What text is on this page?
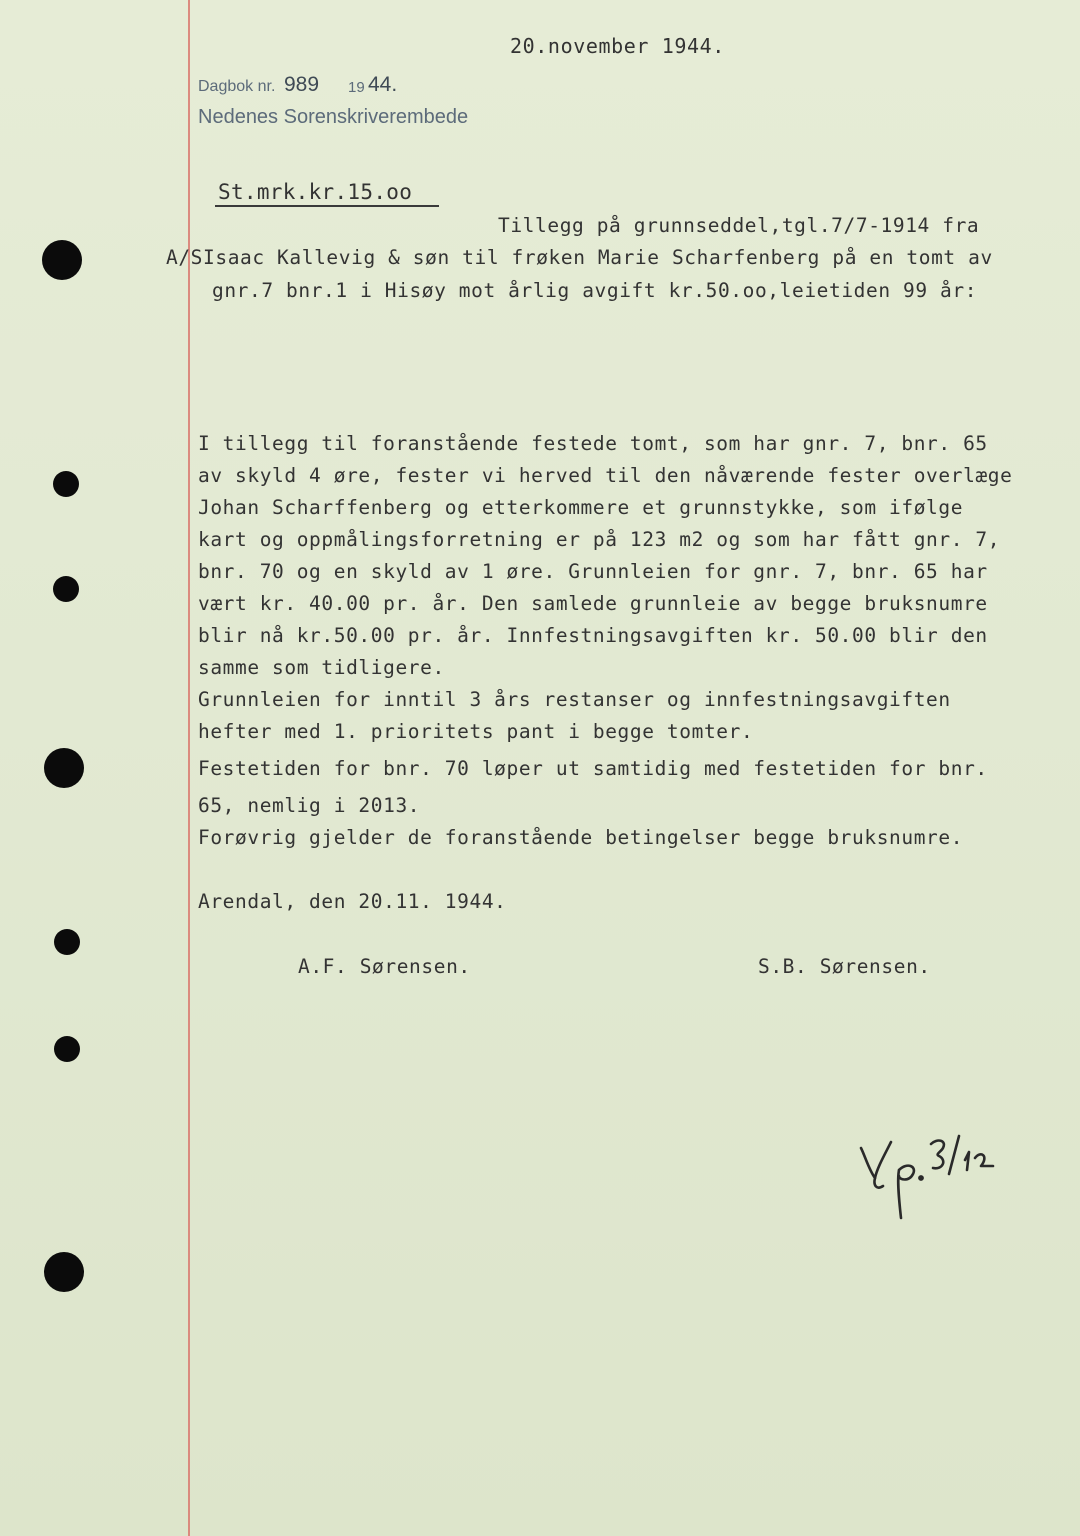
20.november 1944.
Dagbok nr. 989 19 44.
Nedenes Sorenskriverembede
St.mrk.kr.15.oo
Tillegg på grunnseddel,tgl.7/7-1914 fra
A/SIsaac Kallevig & søn til frøken Marie Scharfenberg på en tomt av
gnr.7 bnr.1 i Hisøy mot årlig avgift kr.50.oo,leietiden 99 år:
I tillegg til foranstående festede tomt, som har gnr. 7, bnr. 65
av skyld 4 øre, fester vi herved til den nåværende fester overlæge
Johan Scharffenberg og etterkommere et grunnstykke, som ifølge
kart og oppmålingsforretning er på 123 m2 og som har fått gnr. 7,
bnr. 70 og en skyld av 1 øre. Grunnleien for gnr. 7, bnr. 65 har
vært kr. 40.00 pr. år. Den samlede grunnleie av begge bruksnumre
blir nå kr.50.00 pr. år. Innfestningsavgiften kr. 50.00 blir den
samme som tidligere.
Grunnleien for inntil 3 års restanser og innfestningsavgiften
hefter med 1. prioritets pant i begge tomter.
Festetiden for bnr. 70 løper ut samtidig med festetiden for bnr.
65, nemlig i 2013.
Forøvrig gjelder de foranstående betingelser begge bruksnumre.
Arendal, den 20.11. 1944.
A.F. Sørensen.	S.B. Sørensen.
